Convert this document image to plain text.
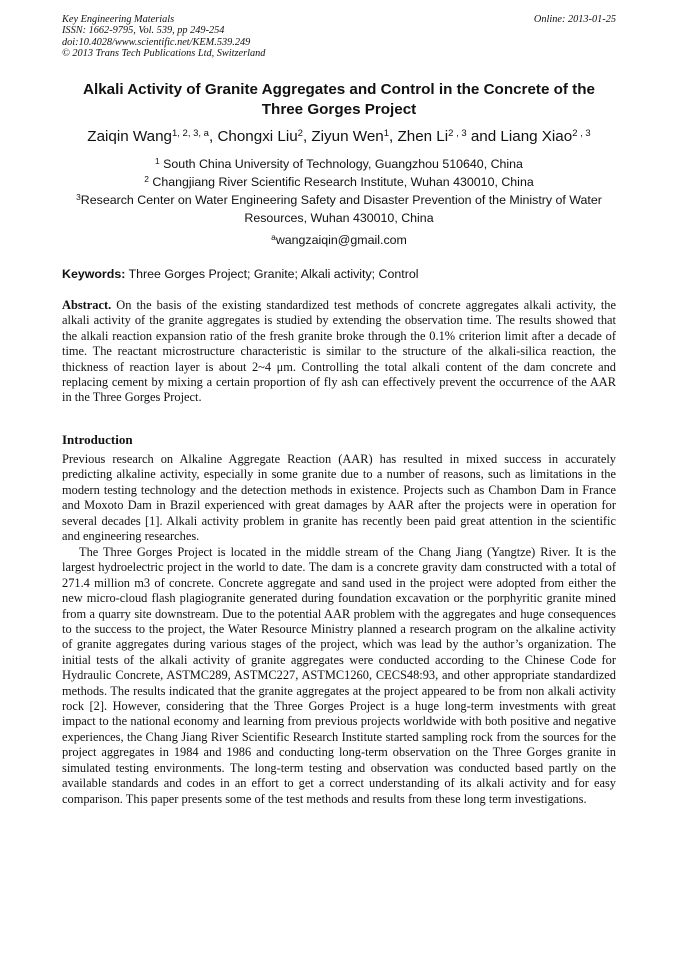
Key Engineering Materials
ISSN: 1662-9795, Vol. 539, pp 249-254
doi:10.4028/www.scientific.net/KEM.539.249
© 2013 Trans Tech Publications Ltd, Switzerland
Online: 2013-01-25
Alkali Activity of Granite Aggregates and Control in the Concrete of the Three Gorges Project
Zaiqin Wang$^{1, 2, 3, a}$, Chongxi Liu$^2$, Ziyun Wen$^1$, Zhen Li$^{2 , 3}$ and Liang Xiao$^{2 , 3}$
$^1$ South China University of Technology, Guangzhou 510640, China
$^2$ Changjiang River Scientific Research Institute, Wuhan 430010, China
$^3$Research Center on Water Engineering Safety and Disaster Prevention of the Ministry of Water Resources, Wuhan 430010, China
$^a$wangzaiqin@gmail.com
Keywords: Three Gorges Project; Granite; Alkali activity; Control

Abstract. On the basis of the existing standardized test methods of concrete aggregates alkali activity, the alkali activity of the granite aggregates is studied by extending the observation time. The results showed that the alkali reaction expansion ratio of the fresh granite broke through the 0.1% criterion limit after a decade of time. The reactant microstructure characteristic is similar to the structure of the alkali-silica reaction, the thickness of reaction layer is about 2~4 μm. Controlling the total alkali content of the dam concrete and replacing cement by mixing a certain proportion of fly ash can effectively prevent the occurrence of the AAR in the Three Gorges Project.

Introduction

Previous research on Alkaline Aggregate Reaction (AAR) has resulted in mixed success in accurately predicting alkaline activity, especially in some granite due to a number of reasons, such as limitations in the modern testing technology and the detection methods in existence. Projects such as Chambon Dam in France and Moxoto Dam in Brazil experienced with great damages by AAR after the projects were in operation for several decades [1]. Alkali activity problem in granite has recently been paid great attention in the scientific and engineering researches.

The Three Gorges Project is located in the middle stream of the Chang Jiang (Yangtze) River. It is the largest hydroelectric project in the world to date. The dam is a concrete gravity dam constructed with a total of 271.4 million m3 of concrete. Concrete aggregate and sand used in the project were adopted from either the new micro-cloud flash plagiogranite generated during foundation excavation or the porphyritic granite mined from a quarry site downstream. Due to the potential AAR problem with the aggregates and huge consequences to the success to the project, the Water Resource Ministry planned a research program on the alkaline activity of granite aggregates during various stages of the project, which was lead by the author’s organization. The initial tests of the alkali activity of granite aggregates were conducted according to the Chinese Code for Hydraulic Concrete, ASTMC289, ASTMC227, ASTMC1260, CECS48:93, and other appropriate standardized methods. The results indicated that the granite aggregates at the project appeared to be from non alkali activity rock [2]. However, considering that the Three Gorges Project is a huge long-term investments with great impact to the national economy and learning from previous projects worldwide with both positive and negative experiences, the Chang Jiang River Scientific Research Institute started sampling rock from the sources for the project aggregates in 1984 and 1986 and conducting long-term observation on the Three Gorges granite in simulated testing environments. The long-term testing and observation was conducted based partly on the available standards and codes in an effort to get a correct understanding of its alkali activity and for easy comparison. This paper presents some of the test methods and results from these long term investigations.
